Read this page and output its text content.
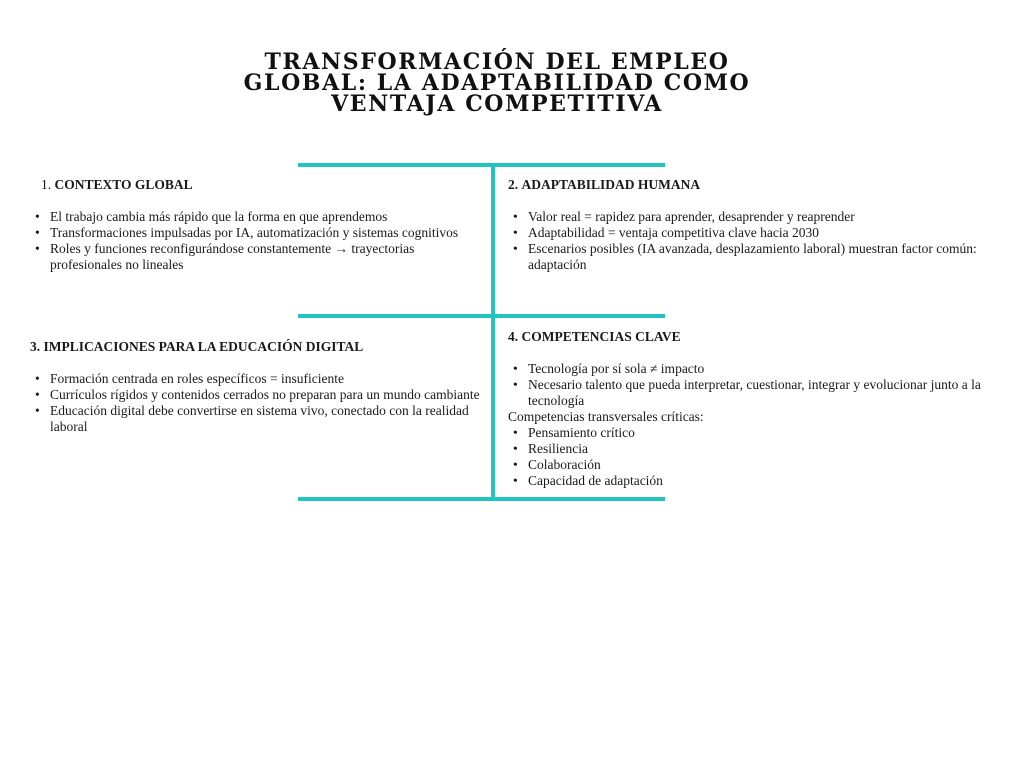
TRANSFORMACIÓN DEL EMPLEO
GLOBAL: LA ADAPTABILIDAD COMO
VENTAJA COMPETITIVA
1. CONTEXTO GLOBAL
• El trabajo cambia más rápido que la forma en que aprendemos
• Transformaciones impulsadas por IA, automatización y sistemas cognitivos
• Roles y funciones reconfigurándose constantemente → trayectorias profesionales no lineales
2. ADAPTABILIDAD HUMANA
• Valor real = rapidez para aprender, desaprender y reaprender
• Adaptabilidad = ventaja competitiva clave hacia 2030
• Escenarios posibles (IA avanzada, desplazamiento laboral) muestran factor común: adaptación
3. IMPLICACIONES PARA LA EDUCACIÓN DIGITAL
• Formación centrada en roles específicos = insuficiente
• Currículos rígidos y contenidos cerrados no preparan para un mundo cambiante
• Educación digital debe convertirse en sistema vivo, conectado con la realidad laboral
4. COMPETENCIAS CLAVE
• Tecnología por sí sola ≠ impacto
• Necesario talento que pueda interpretar, cuestionar, integrar y evolucionar junto a la tecnología

Competencias transversales críticas:

• Pensamiento crítico
• Resiliencia
• Colaboración
• Capacidad de adaptación
